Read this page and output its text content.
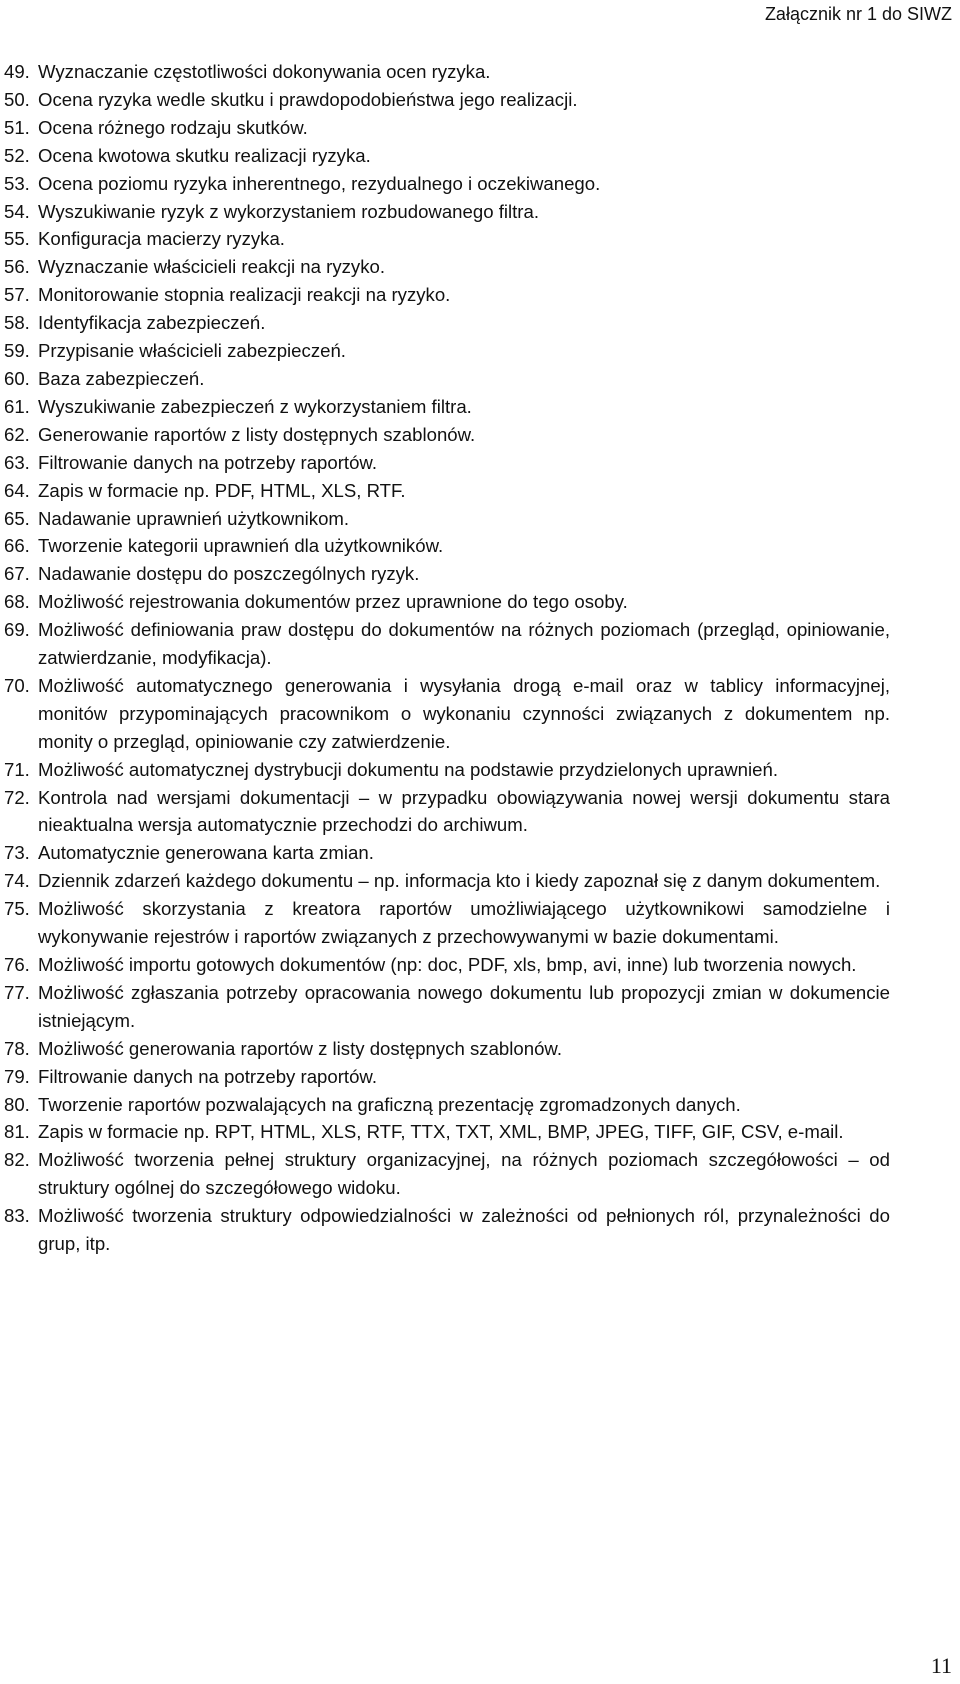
Załącznik nr 1 do SIWZ
49. Wyznaczanie częstotliwości dokonywania ocen ryzyka.
50. Ocena ryzyka wedle skutku i prawdopodobieństwa jego realizacji.
51. Ocena różnego rodzaju skutków.
52. Ocena kwotowa skutku realizacji ryzyka.
53. Ocena poziomu ryzyka inherentnego, rezydualnego i oczekiwanego.
54. Wyszukiwanie ryzyk z wykorzystaniem rozbudowanego filtra.
55. Konfiguracja macierzy ryzyka.
56. Wyznaczanie właścicieli reakcji na ryzyko.
57. Monitorowanie stopnia realizacji reakcji na ryzyko.
58. Identyfikacja zabezpieczeń.
59. Przypisanie właścicieli zabezpieczeń.
60. Baza zabezpieczeń.
61. Wyszukiwanie zabezpieczeń z wykorzystaniem filtra.
62. Generowanie raportów z listy dostępnych szablonów.
63. Filtrowanie danych na potrzeby raportów.
64. Zapis w formacie np. PDF, HTML, XLS, RTF.
65. Nadawanie uprawnień użytkownikom.
66. Tworzenie kategorii uprawnień dla użytkowników.
67. Nadawanie dostępu do poszczególnych ryzyk.
68. Możliwość rejestrowania dokumentów przez uprawnione do tego osoby.
69. Możliwość definiowania praw dostępu do dokumentów na różnych poziomach (przegląd, opiniowanie, zatwierdzanie, modyfikacja).
70. Możliwość automatycznego generowania i wysyłania drogą e-mail oraz w tablicy informacyjnej, monitów przypominających pracownikom o wykonaniu czynności związanych z dokumentem np. monity o przegląd, opiniowanie czy zatwierdzenie.
71. Możliwość automatycznej dystrybucji dokumentu na podstawie przydzielonych uprawnień.
72. Kontrola nad wersjami dokumentacji – w przypadku obowiązywania nowej wersji dokumentu stara nieaktualna wersja automatycznie przechodzi do archiwum.
73. Automatycznie generowana karta zmian.
74. Dziennik zdarzeń każdego dokumentu – np. informacja kto i kiedy zapoznał się z danym dokumentem.
75. Możliwość skorzystania z kreatora raportów umożliwiającego użytkownikowi samodzielne i wykonywanie rejestrów i raportów związanych z przechowywanymi w bazie dokumentami.
76. Możliwość importu gotowych dokumentów (np: doc, PDF, xls, bmp, avi, inne) lub tworzenia nowych.
77. Możliwość zgłaszania potrzeby opracowania nowego dokumentu lub propozycji zmian w dokumencie istniejącym.
78. Możliwość generowania raportów z listy dostępnych szablonów.
79. Filtrowanie danych na potrzeby raportów.
80. Tworzenie raportów pozwalających na graficzną prezentację zgromadzonych danych.
81. Zapis w formacie np. RPT, HTML, XLS, RTF, TTX, TXT, XML, BMP, JPEG, TIFF, GIF, CSV, e-mail.
82. Możliwość tworzenia pełnej struktury organizacyjnej, na różnych poziomach szczegółowości – od struktury ogólnej do szczegółowego widoku.
83. Możliwość tworzenia struktury odpowiedzialności w zależności od pełnionych ról, przynależności do grup, itp.
11
